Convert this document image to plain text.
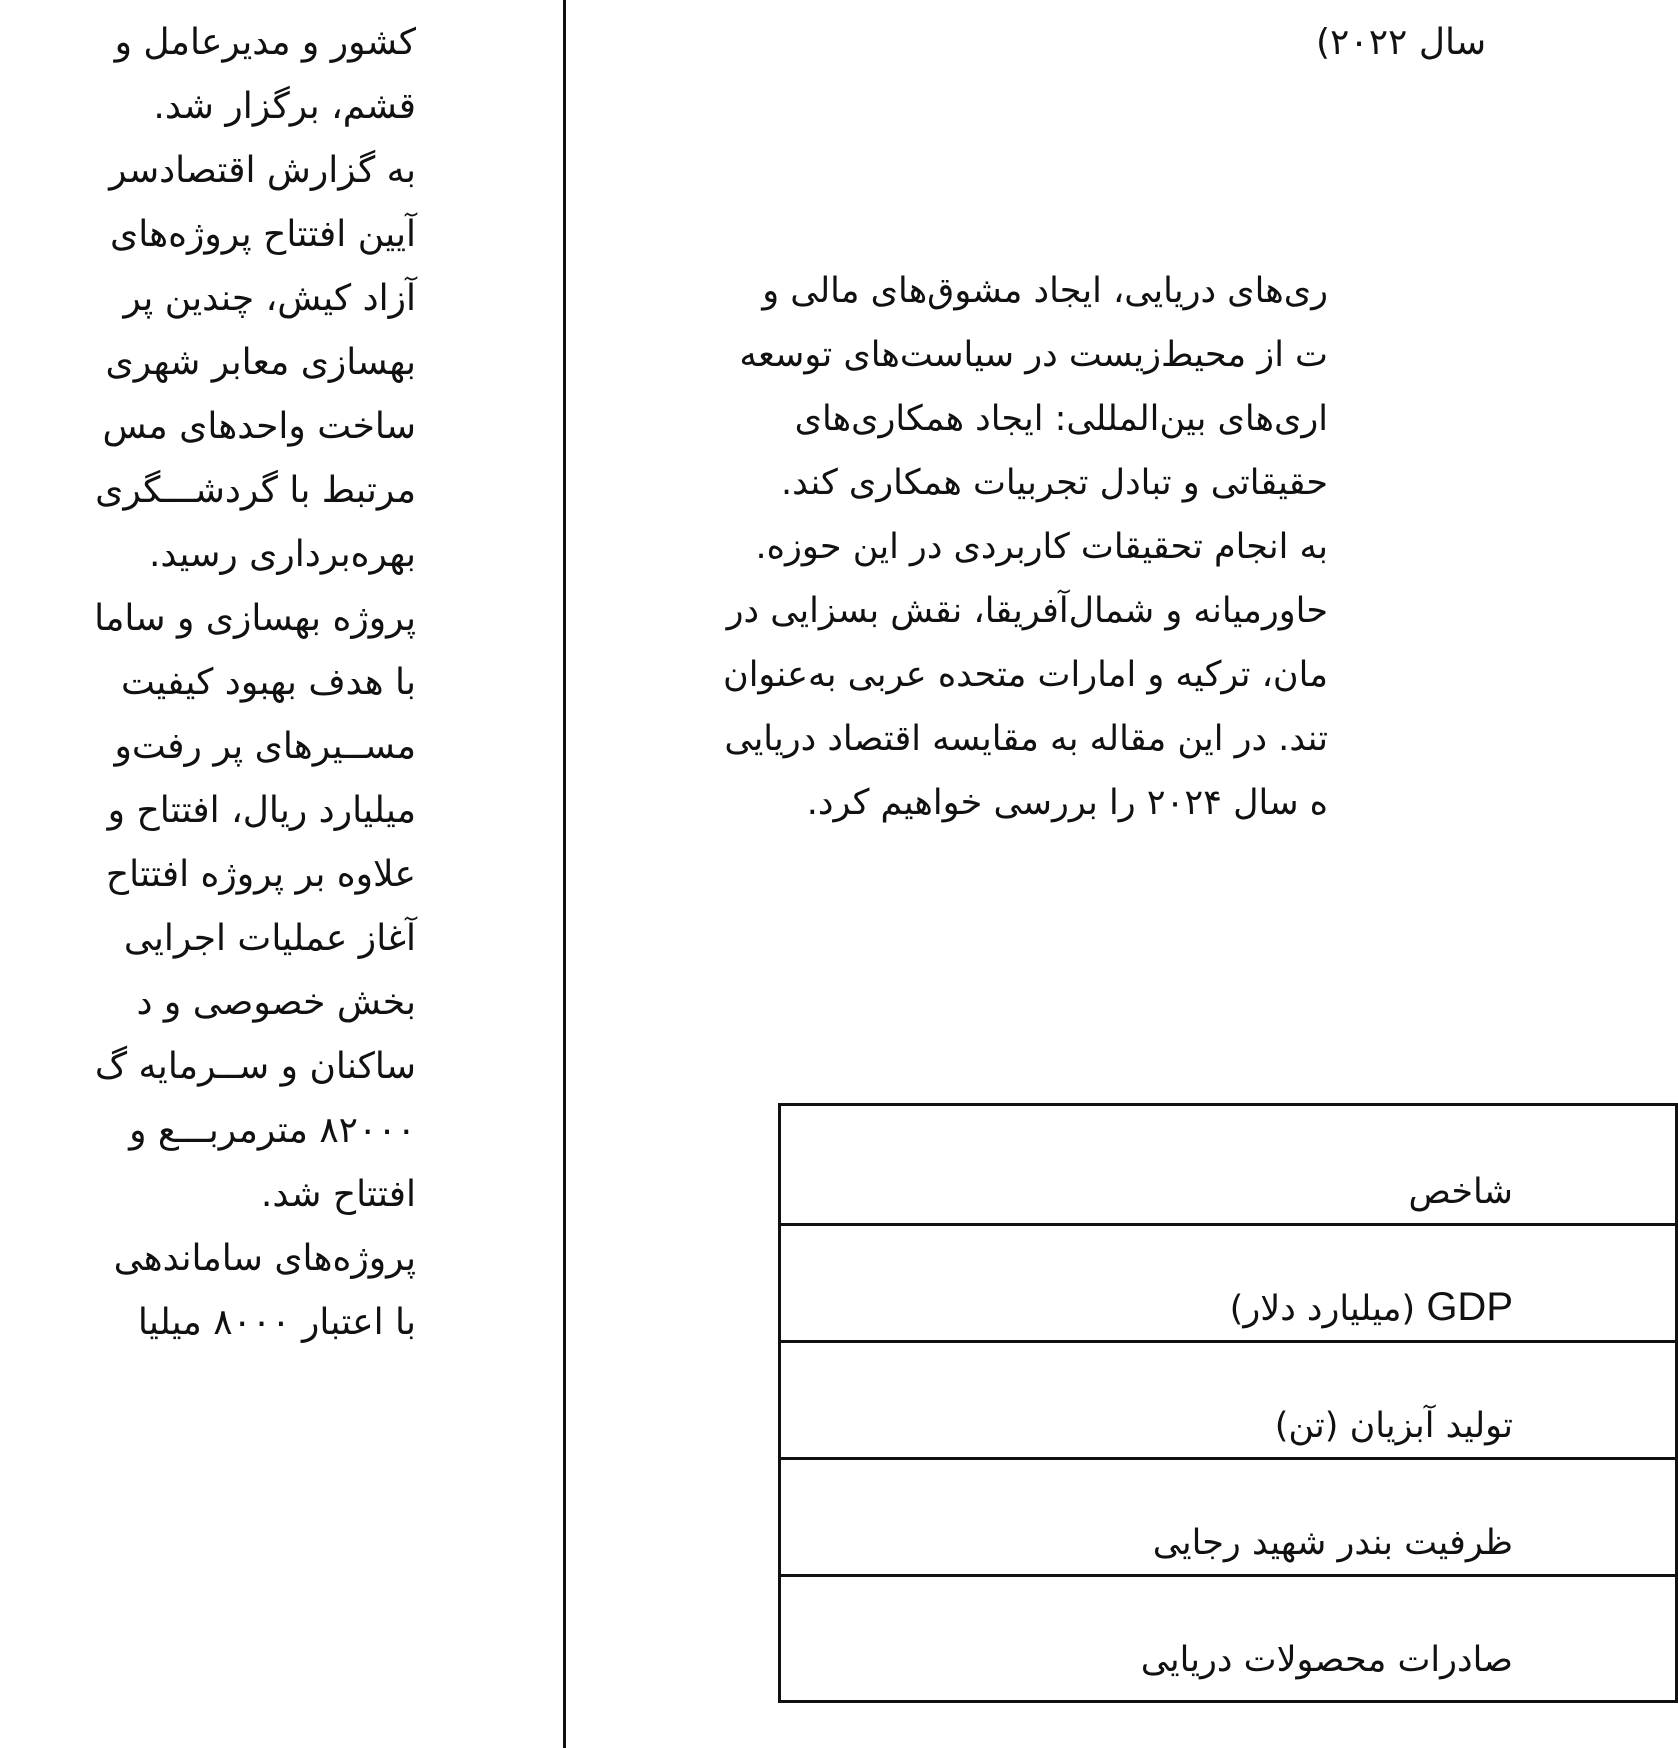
کشور و مدیرعامل و
قشم، برگزار شد.
به گزارش اقتصادسر
آیین افتتاح پروژه‌های
آزاد کیش، چندین پر
بهسازی معابر شهری
ساخت واحدهای مس
مرتبط با گردشـــگری
بهره‌برداری رسید.
پروژه بهسازی و ساما
با هدف بهبود کیفیت
مســیرهای پر رفت‌و
میلیارد ریال، افتتاح و
علاوه بر پروژه افتتاح
آغاز عملیات اجرایی
بخش خصوصی و د
ساکنان و ســرمایه گ
۸۲۰۰۰ مترمربـــع و
افتتاح شد.
پروژه‌های ساماندهی
با اعتبار ۸۰۰۰ میلیا
سال ۲۰۲۲)
ری‌های دریایی، ایجاد مشوق‌های مالی و
ت از محیط‌زیست در سیاست‌های توسعه
اری‌های بین‌المللی: ایجاد همکاری‌های
حقیقاتی و تبادل تجربیات همکاری کند.
به انجام تحقیقات کاربردی در این حوزه.
حاورمیانه و شمال‌آفریقا، نقش بسزایی در
مان، ترکیه و امارات متحده عربی به‌عنوان
تند. در این مقاله به مقایسه اقتصاد دریایی
ه سال ۲۰۲۴ را بررسی خواهیم کرد.
شاخص
GDP (میلیارد دلار)
تولید آبزیان (تن)
ظرفیت بندر شهید رجایی
صادرات محصولات دریایی
